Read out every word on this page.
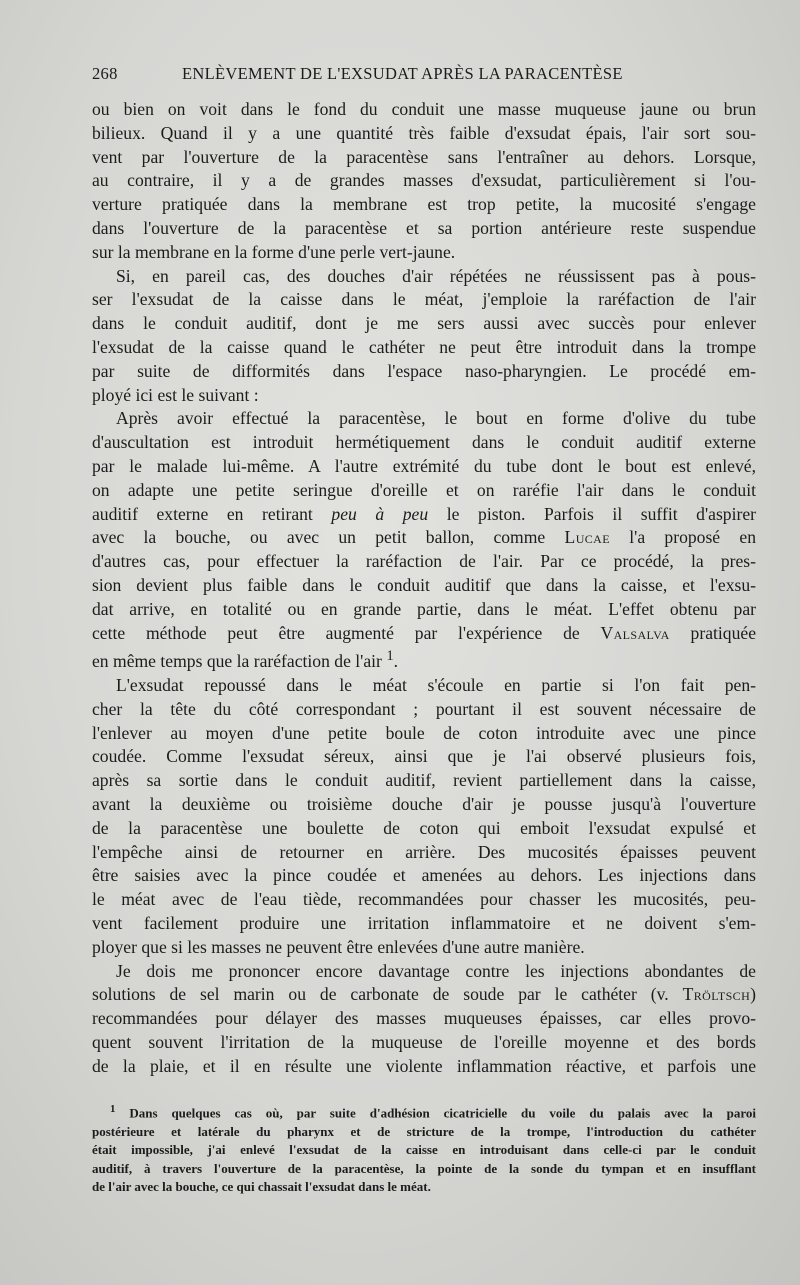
268	ENLÈVEMENT DE L'EXSUDAT APRÈS LA PARACENTÈSE

ou bien on voit dans le fond du conduit une masse muqueuse jaune ou brun

bilieux. Quand il y a une quantité très faible d'exsudat épais, l'air sort sou-

vent par l'ouverture de la paracentèse sans l'entraîner au dehors. Lorsque,

au contraire, il y a de grandes masses d'exsudat, particulièrement si l'ou-

verture pratiquée dans la membrane est trop petite, la mucosité s'engage

dans l'ouverture de la paracentèse et sa portion antérieure reste suspendue

sur la membrane en la forme d'une perle vert-jaune.

Si, en pareil cas, des douches d'air répétées ne réussissent pas à pous-

ser l'exsudat de la caisse dans le méat, j'emploie la raréfaction de l'air

dans le conduit auditif, dont je me sers aussi avec succès pour enlever

l'exsudat de la caisse quand le cathéter ne peut être introduit dans la trompe

par suite de difformités dans l'espace naso-pharyngien. Le procédé em-

ployé ici est le suivant :

Après avoir effectué la paracentèse, le bout en forme d'olive du tube

d'auscultation est introduit hermétiquement dans le conduit auditif externe

par le malade lui-même. A l'autre extrémité du tube dont le bout est enlevé,

on adapte une petite seringue d'oreille et on raréfie l'air dans le conduit

auditif externe en retirant peu à peu le piston. Parfois il suffit d'aspirer

avec la bouche, ou avec un petit ballon, comme Lucae l'a proposé en

d'autres cas, pour effectuer la raréfaction de l'air. Par ce procédé, la pres-

sion devient plus faible dans le conduit auditif que dans la caisse, et l'exsu-

dat arrive, en totalité ou en grande partie, dans le méat. L'effet obtenu par

cette méthode peut être augmenté par l'expérience de Valsalva pratiquée

en même temps que la raréfaction de l'air $^1$.

L'exsudat repoussé dans le méat s'écoule en partie si l'on fait pen-

cher la tête du côté correspondant ; pourtant il est souvent nécessaire de

l'enlever au moyen d'une petite boule de coton introduite avec une pince

coudée. Comme l'exsudat séreux, ainsi que je l'ai observé plusieurs fois,

après sa sortie dans le conduit auditif, revient partiellement dans la caisse,

avant la deuxième ou troisième douche d'air je pousse jusqu'à l'ouverture

de la paracentèse une boulette de coton qui emboit l'exsudat expulsé et

l'empêche ainsi de retourner en arrière. Des mucosités épaisses peuvent

être saisies avec la pince coudée et amenées au dehors. Les injections dans

le méat avec de l'eau tiède, recommandées pour chasser les mucosités, peu-

vent facilement produire une irritation inflammatoire et ne doivent s'em-

ployer que si les masses ne peuvent être enlevées d'une autre manière.

Je dois me prononcer encore davantage contre les injections abondantes de

solutions de sel marin ou de carbonate de soude par le cathéter (v. Tröltsch)

recommandées pour délayer des masses muqueuses épaisses, car elles provo-

quent souvent l'irritation de la muqueuse de l'oreille moyenne et des bords

de la plaie, et il en résulte une violente inflammation réactive, et parfois une

$^1$ Dans quelques cas où, par suite d'adhésion cicatricielle du voile du palais avec la paroi

postérieure et latérale du pharynx et de stricture de la trompe, l'introduction du cathéter

était impossible, j'ai enlevé l'exsudat de la caisse en introduisant dans celle-ci par le conduit

auditif, à travers l'ouverture de la paracentèse, la pointe de la sonde du tympan et en insufflant

de l'air avec la bouche, ce qui chassait l'exsudat dans le méat.
